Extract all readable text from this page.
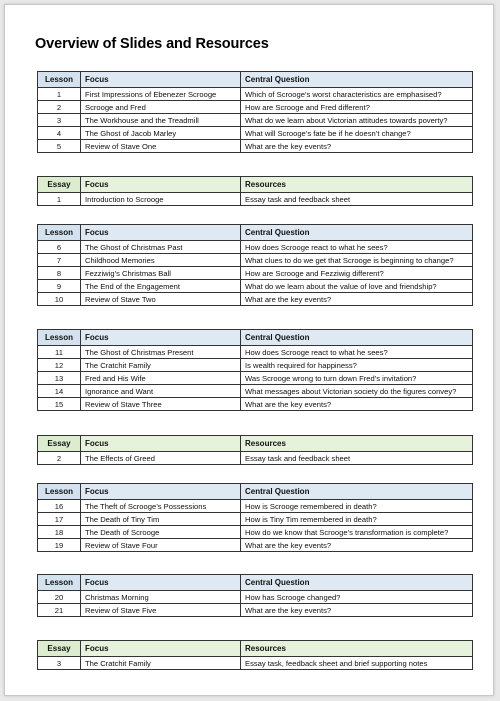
Overview of Slides and Resources
Lesson	Focus	Central Question
1	First Impressions of Ebenezer Scrooge	Which of Scrooge’s worst characteristics are emphasised?
2	Scrooge and Fred	How are Scrooge and Fred different?
3	The Workhouse and the Treadmill	What do we learn about Victorian attitudes towards poverty?
4	The Ghost of Jacob Marley	What will Scrooge’s fate be if he doesn’t change?
5	Review of Stave One	What are the key events?
Essay	Focus	Resources
1	Introduction to Scrooge	Essay task and feedback sheet
Lesson	Focus	Central Question
6	The Ghost of Christmas Past	How does Scrooge react to what he sees?
7	Childhood Memories	What clues to do we get that Scrooge is beginning to change?
8	Fezziwig’s Christmas Ball	How are Scrooge and Fezziwig different?
9	The End of the Engagement	What do we learn about the value of love and friendship?
10	Review of Stave Two	What are the key events?
Lesson	Focus	Central Question
11	The Ghost of Christmas Present	How does Scrooge react to what he sees?
12	The Cratchit Family	Is wealth required for happiness?
13	Fred and His Wife	Was Scrooge wrong to turn down Fred’s invitation?
14	Ignorance and Want	What messages about Victorian society do the figures convey?
15	Review of Stave Three	What are the key events?
Essay	Focus	Resources
2	The Effects of Greed	Essay task and feedback sheet
Lesson	Focus	Central Question
16	The Theft of Scrooge’s Possessions	How is Scrooge remembered in death?
17	The Death of Tiny Tim	How is Tiny Tim remembered in death?
18	The Death of Scrooge	How do we know that Scrooge’s transformation is complete?
19	Review of Stave Four	What are the key events?
Lesson	Focus	Central Question
20	Christmas Morning	How has Scrooge changed?
21	Review of Stave Five	What are the key events?
Essay	Focus	Resources
3	The Cratchit Family	Essay task, feedback sheet and brief supporting notes
